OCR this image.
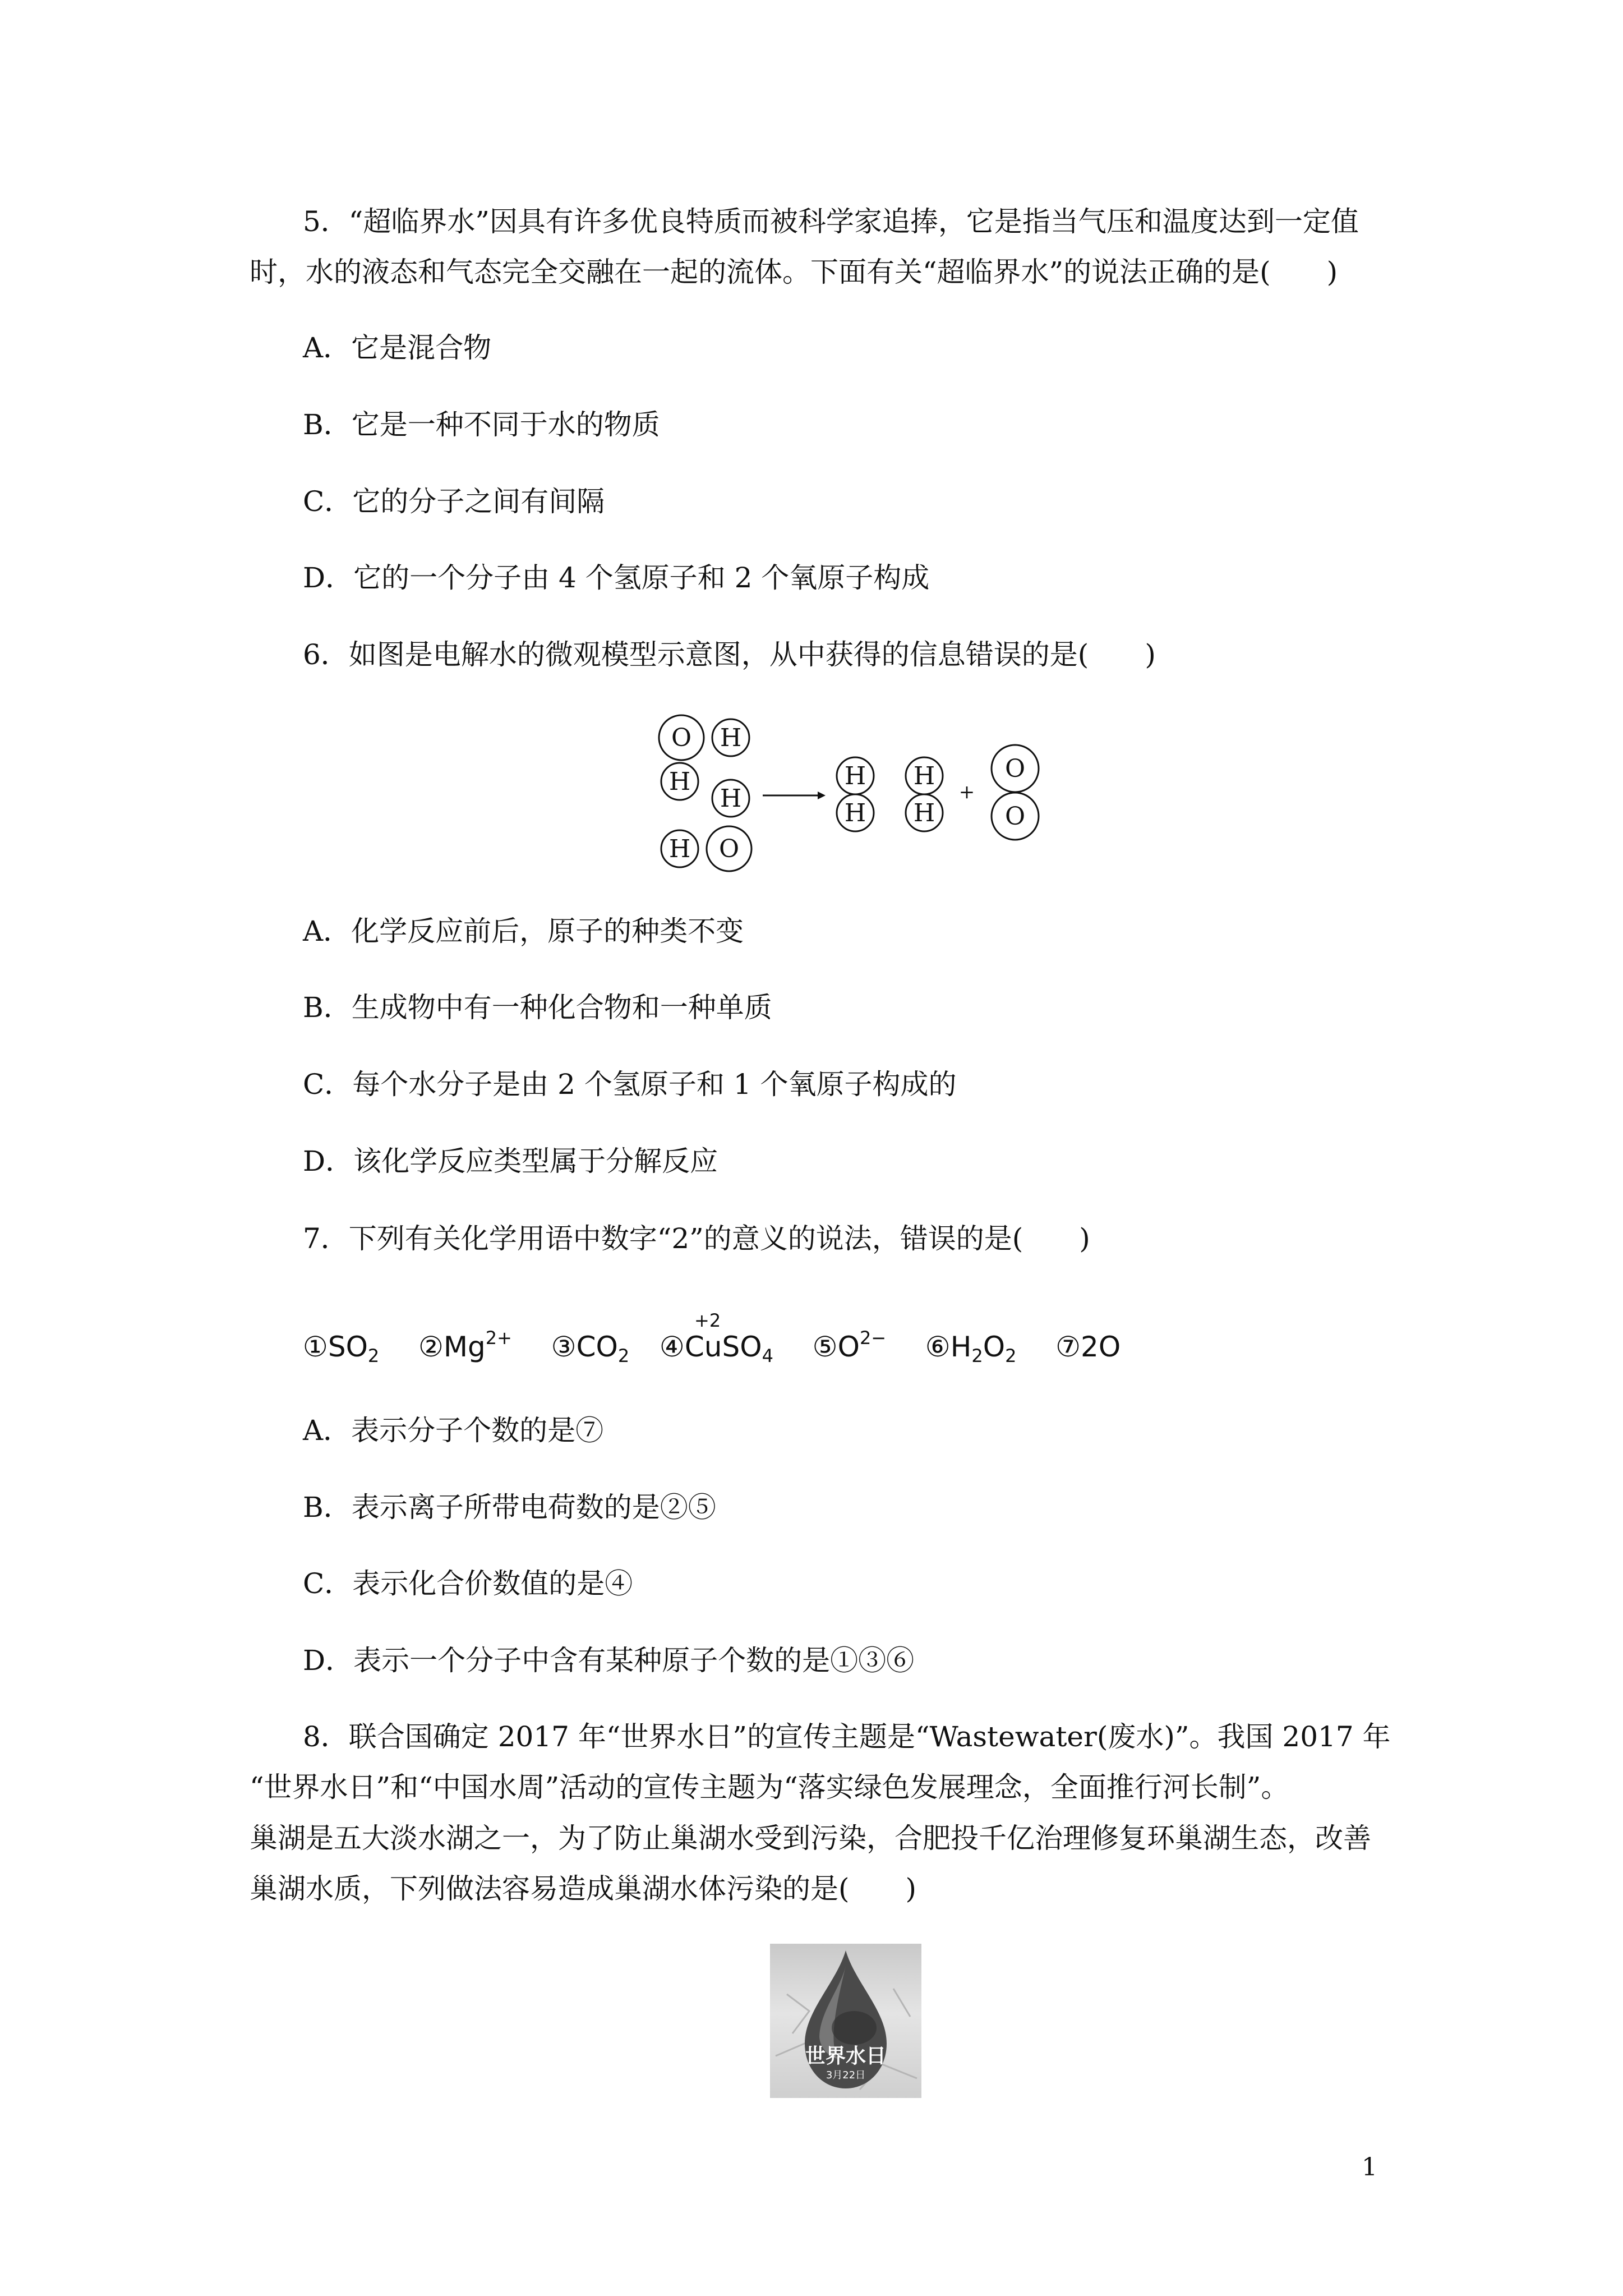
5．“超临界水”因具有许多优良特质而被科学家追捧，它是指当气压和温度达到一定值
时，水的液态和气态完全交融在一起的流体。下面有关“超临界水”的说法正确的是(　　)
A．它是混合物
B．它是一种不同于水的物质
C．它的分子之间有间隔
D．它的一个分子由 4 个氢原子和 2 个氧原子构成
6．如图是电解水的微观模型示意图，从中获得的信息错误的是(　　)
O H
H
H
H O
H
H
H
H
+
O
O
A．化学反应前后，原子的种类不变
B．生成物中有一种化合物和一种单质
C．每个水分子是由 2 个氢原子和 1 个氧原子构成的
D．该化学反应类型属于分解反应
7．下列有关化学用语中数字“2”的意义的说法，错误的是(　　)
$①SO_2$ $②Mg^{2+}$ $③CO_2$
+2
④CuSO$_4$ $⑤O^{2-}$ $⑥H_2O_2$ ⑦2O
A．表示分子个数的是⑦
B．表示离子所带电荷数的是②⑤
C．表示化合价数值的是④
D．表示一个分子中含有某种原子个数的是①③⑥
8．联合国确定 2017 年“世界水日”的宣传主题是“Wastewater(废水)”。我国 2017 年
“世界水日”和“中国水周”活动的宣传主题为“落实绿色发展理念，全面推行河长制”。
巢湖是五大淡水湖之一，为了防止巢湖水受到污染，合肥投千亿治理修复环巢湖生态，改善
巢湖水质，下列做法容易造成巢湖水体污染的是(　　)
世界水日
3月22日
1
